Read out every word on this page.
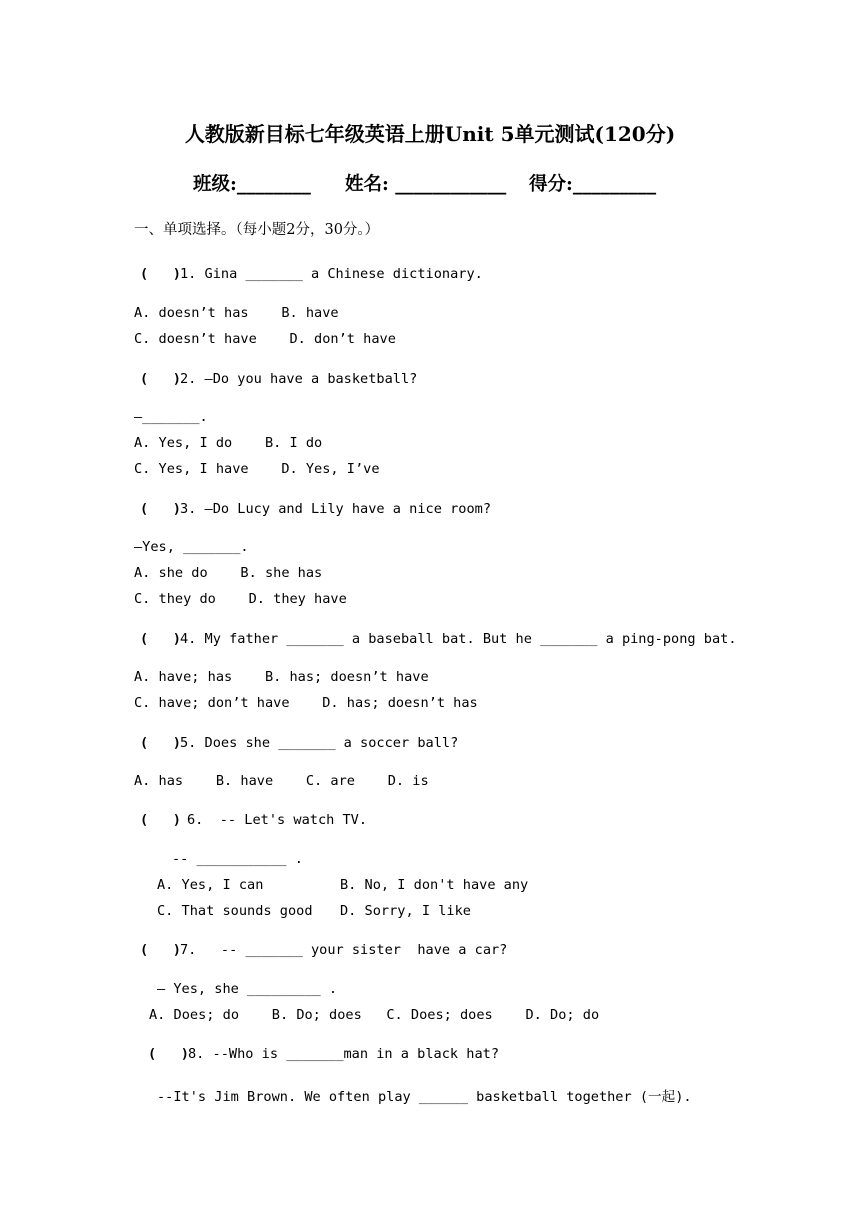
人教版新目标七年级英语上册Unit 5单元测试(120分)
班级:________ 姓名: ____________ 得分:_________
一、单项选择。（每小题2分，30分。）
(   ) 1. Gina _______ a Chinese dictionary.
A. doesn’t has    B. have
C. doesn’t have    D. don’t have
(   ) 2. —Do you have a basketball?
—_______.
A. Yes, I do    B. I do
C. Yes, I have    D. Yes, I’ve
(   ) 3. —Do Lucy and Lily have a nice room?
—Yes, _______.
A. she do    B. she has
C. they do    D. they have
(   ) 4. My father _______ a baseball bat. But he _______ a ping-pong bat.
A. have; has    B. has; doesn’t have
C. have; don’t have    D. has; doesn’t has
(   ) 5. Does she _______ a soccer ball?
A. has    B. have    C. are    D. is
(   ) 6.  -- Let's watch TV.
-- ___________ .
A. Yes, I can	B. No, I don't have any
C. That sounds good D. Sorry, I like
(   ) 7.   -- _______ your sister  have a car?
— Yes, she _________ .
A. Does; do    B. Do; does   C. Does; does    D. Do; do
(   ) 8. --Who is _______man in a black hat?
--It's Jim Brown. We often play ______ basketball together (一起).
